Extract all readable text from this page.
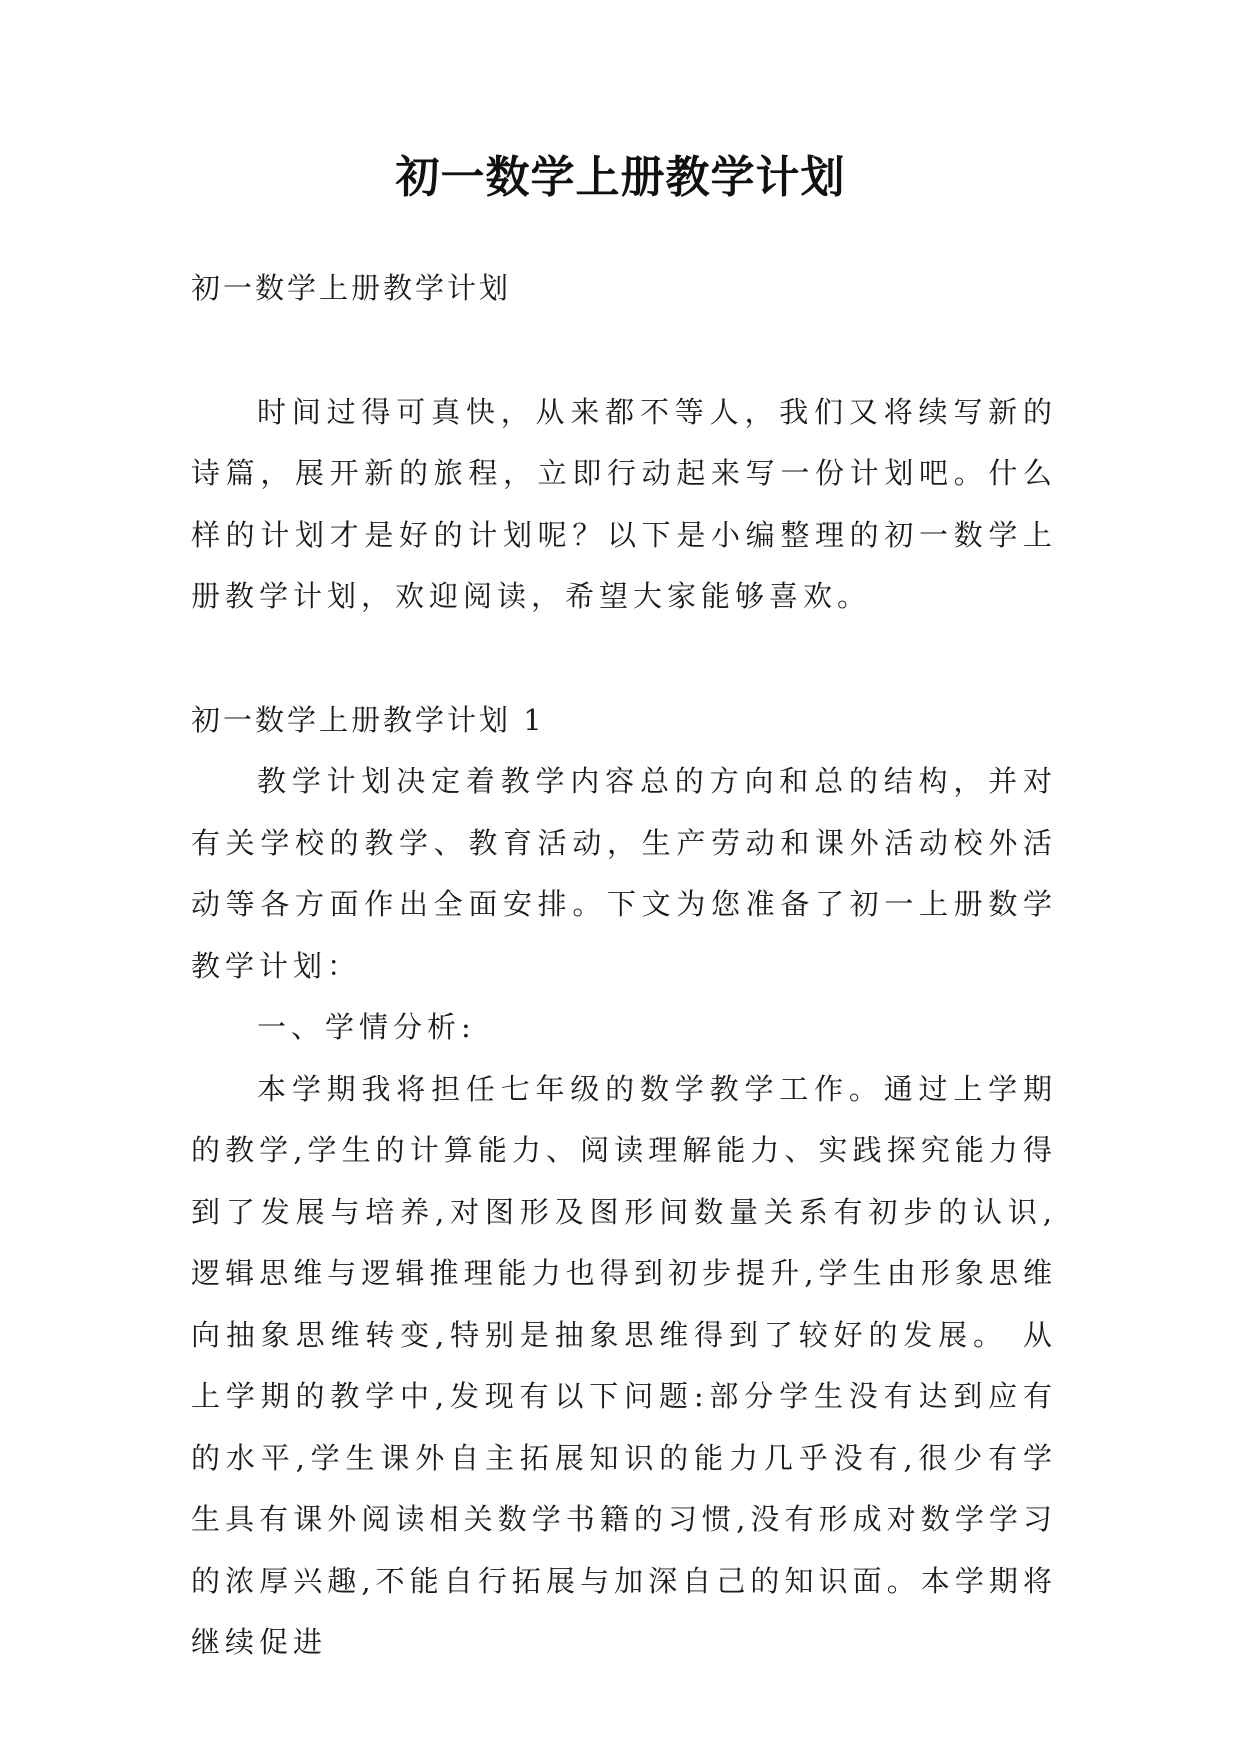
初一数学上册教学计划

初一数学上册教学计划

时间过得可真快，从来都不等人，我们又将续写新的诗篇，展开新的旅程，立即行动起来写一份计划吧。什么样的计划才是好的计划呢？以下是小编整理的初一数学上册教学计划，欢迎阅读，希望大家能够喜欢。

初一数学上册教学计划 1

教学计划决定着教学内容总的方向和总的结构，并对有关学校的教学、教育活动，生产劳动和课外活动校外活动等各方面作出全面安排。下文为您准备了初一上册数学教学计划：

一、学情分析:

本学期我将担任七年级的数学教学工作。通过上学期的教学,学生的计算能力、阅读理解能力、实践探究能力得到了发展与培养,对图形及图形间数量关系有初步的认识,逻辑思维与逻辑推理能力也得到初步提升,学生由形象思维向抽象思维转变,特别是抽象思维得到了较好的发展。 从上学期的教学中,发现有以下问题:部分学生没有达到应有的水平,学生课外自主拓展知识的能力几乎没有,很少有学生具有课外阅读相关数学书籍的习惯,没有形成对数学学习的浓厚兴趣,不能自行拓展与加深自己的知识面。本学期将继续促进
